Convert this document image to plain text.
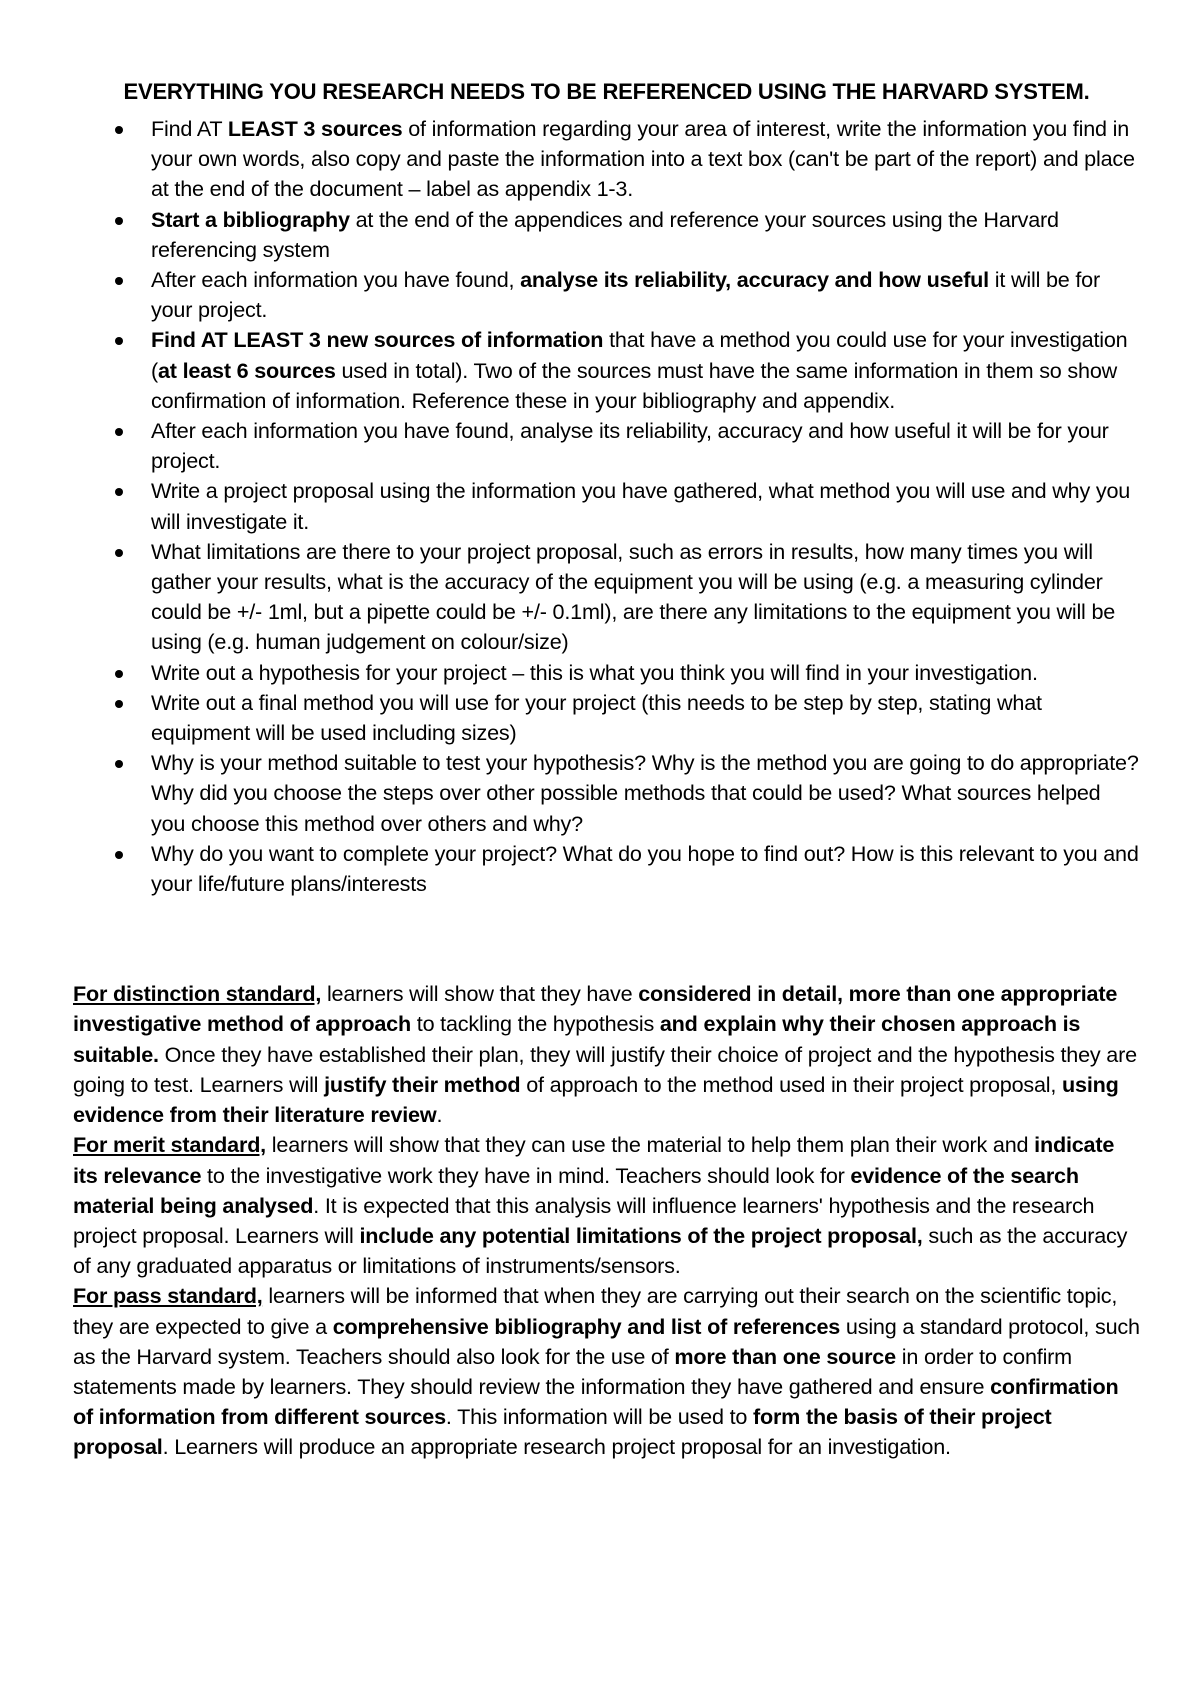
EVERYTHING YOU RESEARCH NEEDS TO BE REFERENCED USING THE HARVARD SYSTEM.
Find AT LEAST 3 sources of information regarding your area of interest, write the information you find in your own words, also copy and paste the information into a text box (can't be part of the report) and place at the end of the document – label as appendix 1-3.
Start a bibliography at the end of the appendices and reference your sources using the Harvard referencing system
After each information you have found, analyse its reliability, accuracy and how useful it will be for your project.
Find AT LEAST 3 new sources of information that have a method you could use for your investigation (at least 6 sources used in total). Two of the sources must have the same information in them so show confirmation of information. Reference these in your bibliography and appendix.
After each information you have found, analyse its reliability, accuracy and how useful it will be for your project.
Write a project proposal using the information you have gathered, what method you will use and why you will investigate it.
What limitations are there to your project proposal, such as errors in results, how many times you will gather your results, what is the accuracy of the equipment you will be using (e.g. a measuring cylinder could be +/- 1ml, but a pipette could be +/- 0.1ml), are there any limitations to the equipment you will be using (e.g. human judgement on colour/size)
Write out a hypothesis for your project – this is what you think you will find in your investigation.
Write out a final method you will use for your project (this needs to be step by step, stating what equipment will be used including sizes)
Why is your method suitable to test your hypothesis? Why is the method you are going to do appropriate? Why did you choose the steps over other possible methods that could be used? What sources helped you choose this method over others and why?
Why do you want to complete your project? What do you hope to find out? How is this relevant to you and your life/future plans/interests

For distinction standard, learners will show that they have considered in detail, more than one appropriate investigative method of approach to tackling the hypothesis and explain why their chosen approach is suitable. Once they have established their plan, they will justify their choice of project and the hypothesis they are going to test. Learners will justify their method of approach to the method used in their project proposal, using evidence from their literature review.

For merit standard, learners will show that they can use the material to help them plan their work and indicate its relevance to the investigative work they have in mind. Teachers should look for evidence of the search material being analysed. It is expected that this analysis will influence learners' hypothesis and the research project proposal. Learners will include any potential limitations of the project proposal, such as the accuracy of any graduated apparatus or limitations of instruments/sensors.

For pass standard, learners will be informed that when they are carrying out their search on the scientific topic, they are expected to give a comprehensive bibliography and list of references using a standard protocol, such as the Harvard system. Teachers should also look for the use of more than one source in order to confirm statements made by learners. They should review the information they have gathered and ensure confirmation of information from different sources. This information will be used to form the basis of their project proposal. Learners will produce an appropriate research project proposal for an investigation.
